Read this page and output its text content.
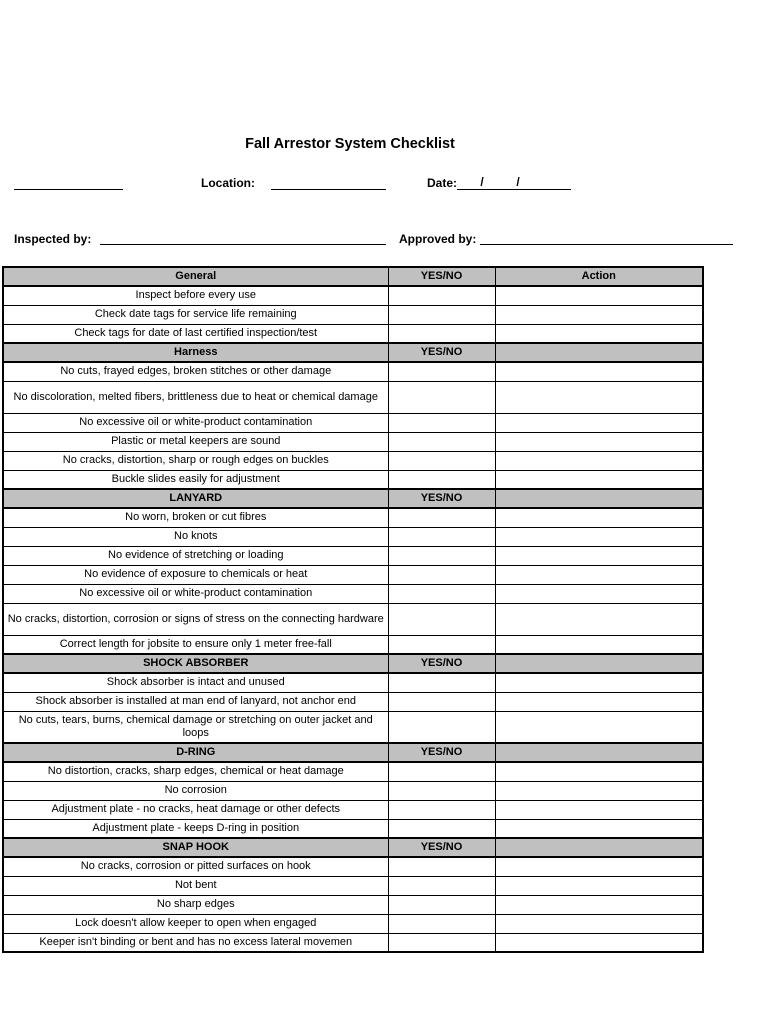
Fall Arrestor System Checklist
Location:	Date: /	/
Inspected by:	Approved by:
General	YES/NO	Action
Inspect before every use		
Check date tags for service life remaining		
Check tags for date of last certified inspection/test		
Harness	YES/NO	
No cuts, frayed edges, broken stitches or other damage		
No discoloration, melted fibers, brittleness due to heat or chemical damage		
No excessive oil or white-product contamination		
Plastic or metal keepers are sound		
No cracks, distortion, sharp or rough edges on buckles		
Buckle slides easily for adjustment		
LANYARD	YES/NO	
No worn, broken or cut fibres		
No knots		
No evidence of stretching or loading		
No evidence of exposure to chemicals or heat		
No excessive oil or white-product contamination		
No cracks, distortion, corrosion or signs of stress on the connecting hardware		
Correct length for jobsite to ensure only 1 meter free-fall		
SHOCK ABSORBER	YES/NO	
Shock absorber is intact and unused		
Shock absorber is installed at man end of lanyard, not anchor end		
No cuts, tears, burns, chemical damage or stretching on outer jacket and loops		
D-RING	YES/NO	
No distortion, cracks, sharp edges, chemical or heat damage		
No corrosion		
Adjustment plate - no cracks, heat damage or other defects		
Adjustment plate - keeps D-ring in position		
SNAP HOOK	YES/NO	
No cracks, corrosion or pitted surfaces on hook		
Not bent		
No sharp edges		
Lock doesn't allow keeper to open when engaged		
Keeper isn't binding or bent and has no excess lateral movemen		
